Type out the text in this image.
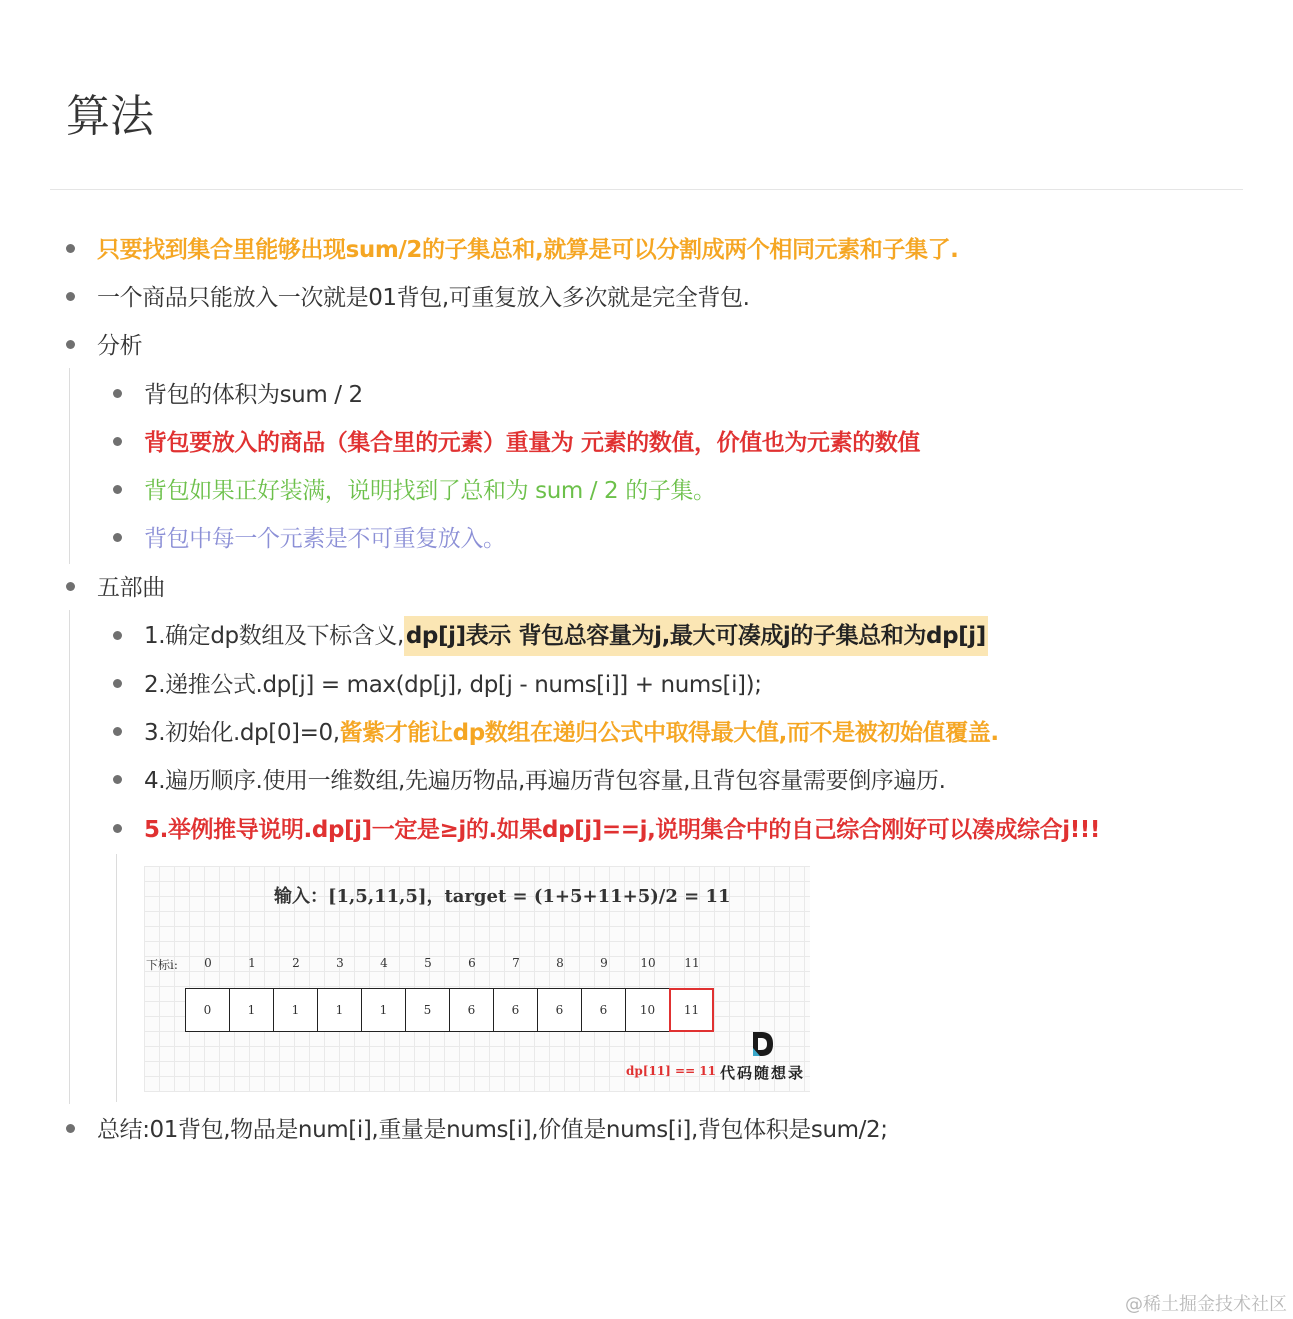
算法
只要找到集合里能够出现sum/2的子集总和,就算是可以分割成两个相同元素和子集了.
一个商品只能放入一次就是01背包,可重复放入多次就是完全背包.
分析
背包的体积为sum / 2
背包要放入的商品（集合里的元素）重量为 元素的数值，价值也为元素的数值
背包如果正好装满，说明找到了总和为 sum / 2 的子集。
背包中每一个元素是不可重复放入。
五部曲
1.确定dp数组及下标含义,dp[j]表示 背包总容量为j,最大可凑成j的子集总和为dp[j]
2.递推公式.dp[j] = max(dp[j], dp[j - nums[i]] + nums[i]);
3.初始化.dp[0]=0,酱紫才能让dp数组在递归公式中取得最大值,而不是被初始值覆盖.
4.遍历顺序.使用一维数组,先遍历物品,再遍历背包容量,且背包容量需要倒序遍历.
5.举例推导说明.dp[j]一定是≥j的.如果dp[j]==j,说明集合中的自己综合刚好可以凑成综合j!!!
输入：[1,5,11,5]，target = (1+5+11+5)/2 = 11
下标i:	0	1	2	3	4	5	6	7	8	9	10	11
0	1	1	1	1	5	6	6	6	6	10	11
dp[11] == 11 代码随想录
总结:01背包,物品是num[i],重量是nums[i],价值是nums[i],背包体积是sum/2;
@稀土掘金技术社区
